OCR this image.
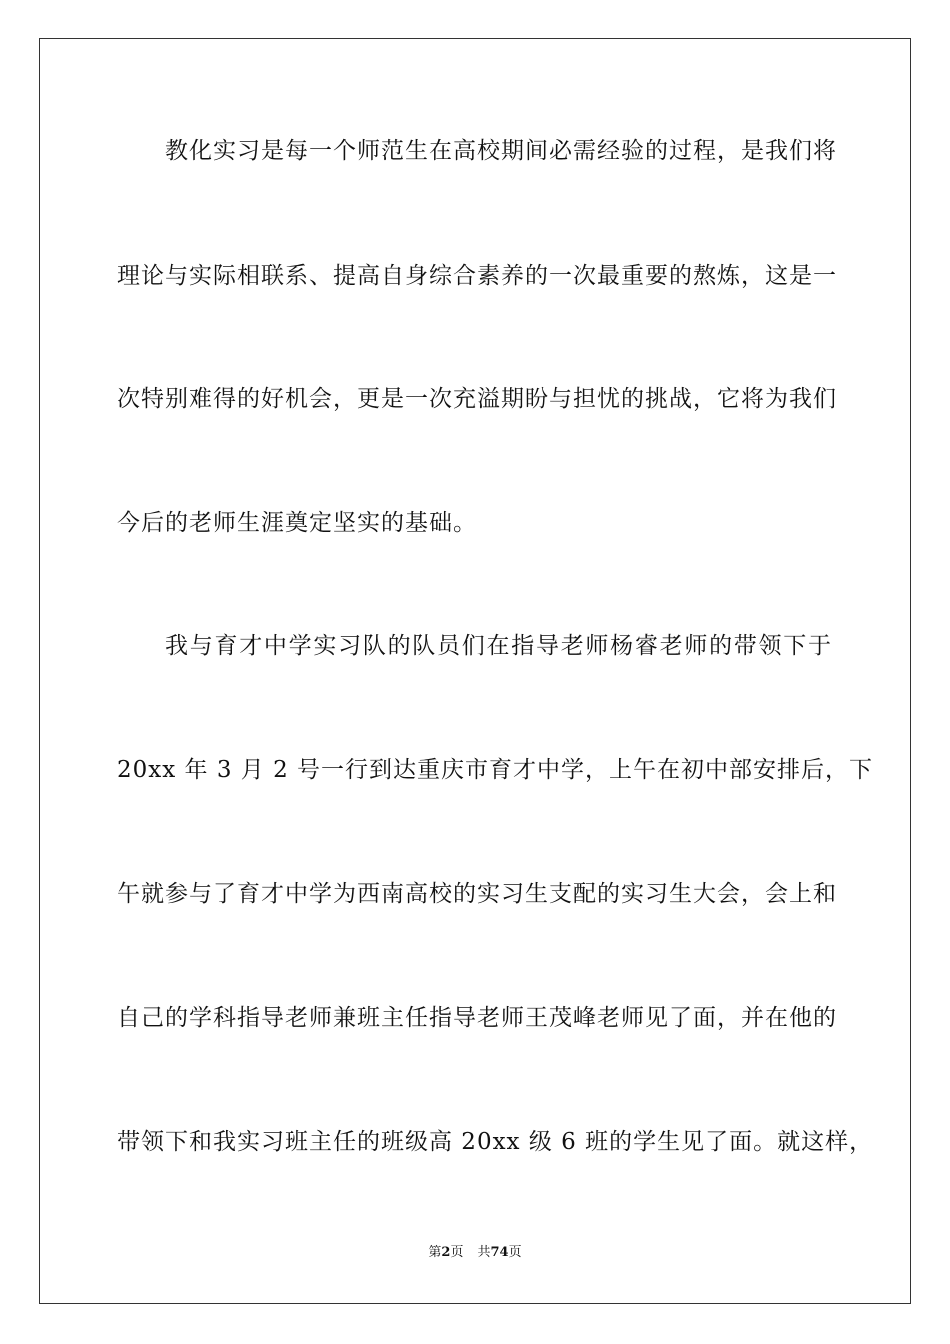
教化实习是每一个师范生在高校期间必需经验的过程，是我们将
理论与实际相联系、提高自身综合素养的一次最重要的熬炼，这是一
次特别难得的好机会，更是一次充溢期盼与担忧的挑战，它将为我们
今后的老师生涯奠定坚实的基础。
我与育才中学实习队的队员们在指导老师杨睿老师的带领下于
20xx 年 3 月 2 号一行到达重庆市育才中学，上午在初中部安排后，下
午就参与了育才中学为西南高校的实习生支配的实习生大会，会上和
自己的学科指导老师兼班主任指导老师王茂峰老师见了面，并在他的
带领下和我实习班主任的班级高 20xx 级 6 班的学生见了面。就这样，
第2页 共74页
